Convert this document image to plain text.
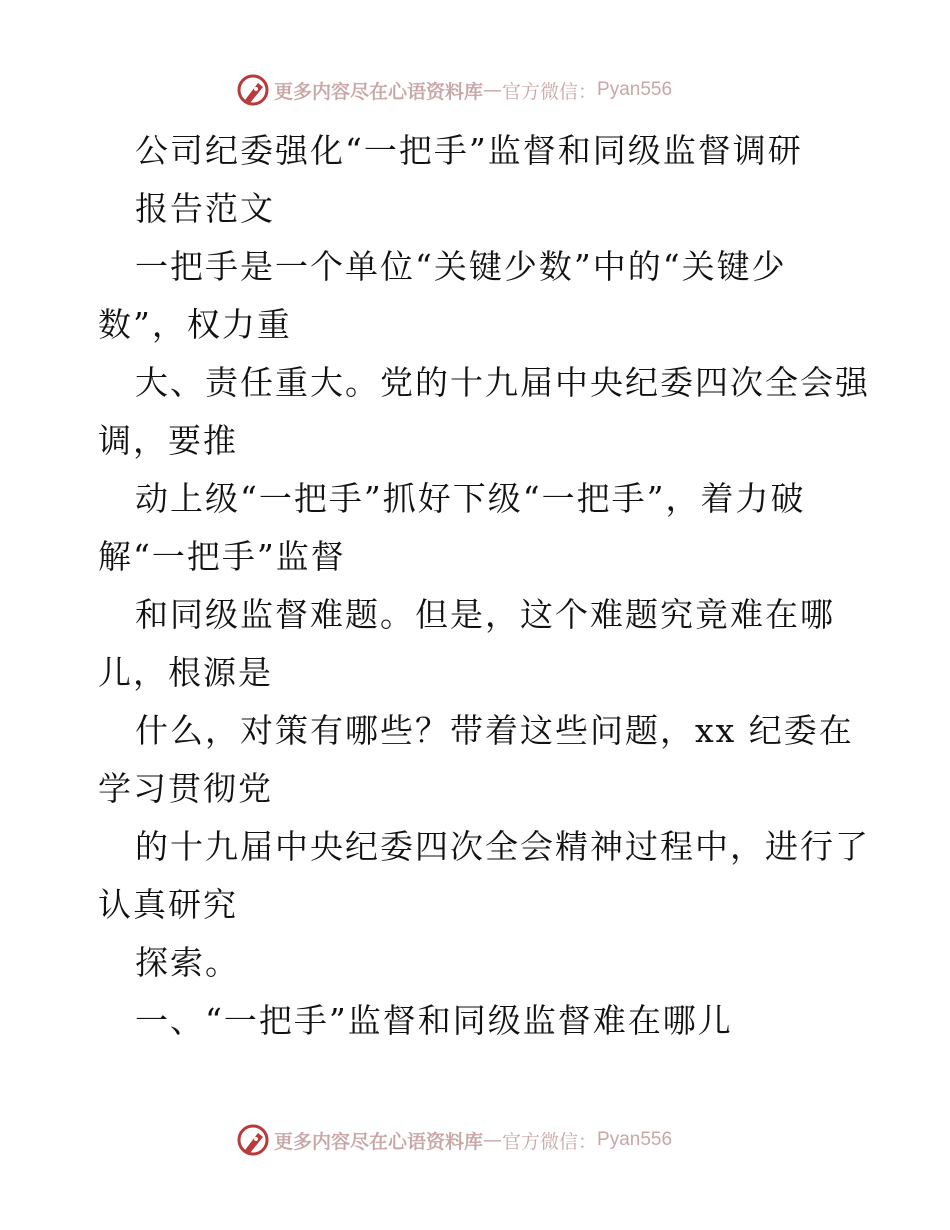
更多内容尽在心语资料库 — 官方微信： Pyan556
公司纪委强化“一把手”监督和同级监督调研
报告范文
一把手是一个单位“关键少数”中的“关键少
数”，权力重
大、责任重大。党的十九届中央纪委四次全会强
调，要推
动上级“一把手”抓好下级“一把手”，着力破
解“一把手”监督
和同级监督难题。但是，这个难题究竟难在哪
儿，根源是
什么，对策有哪些？带着这些问题，xx 纪委在
学习贯彻党
的十九届中央纪委四次全会精神过程中，进行了
认真研究
探索。
一、“一把手”监督和同级监督难在哪儿
更多内容尽在心语资料库 — 官方微信： Pyan556
